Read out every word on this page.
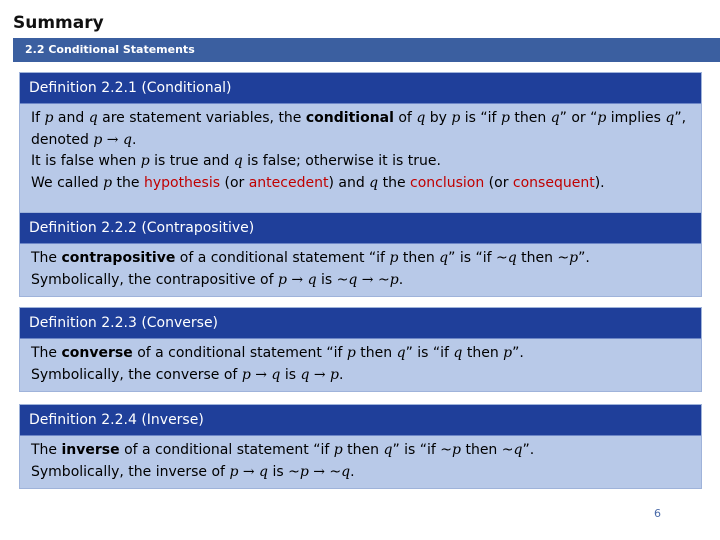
Summary
2.2 Conditional Statements
Definition 2.2.1 (Conditional)
If p and q are statement variables, the conditional of q by p is “if p then q” or “p implies q”,
denoted p → q.
It is false when p is true and q is false; otherwise it is true.
We called p the hypothesis (or antecedent) and q the conclusion (or consequent).
Definition 2.2.2 (Contrapositive)
The contrapositive of a conditional statement “if p then q” is “if ~q then ~p”.
Symbolically, the contrapositive of p → q is ~q → ~p.
Definition 2.2.3 (Converse)
The converse of a conditional statement “if p then q” is “if q then p”.
Symbolically, the converse of p → q is q → p.
Definition 2.2.4 (Inverse)
The inverse of a conditional statement “if p then q” is “if ~p then ~q”.
Symbolically, the inverse of p → q is ~p → ~q.
6
